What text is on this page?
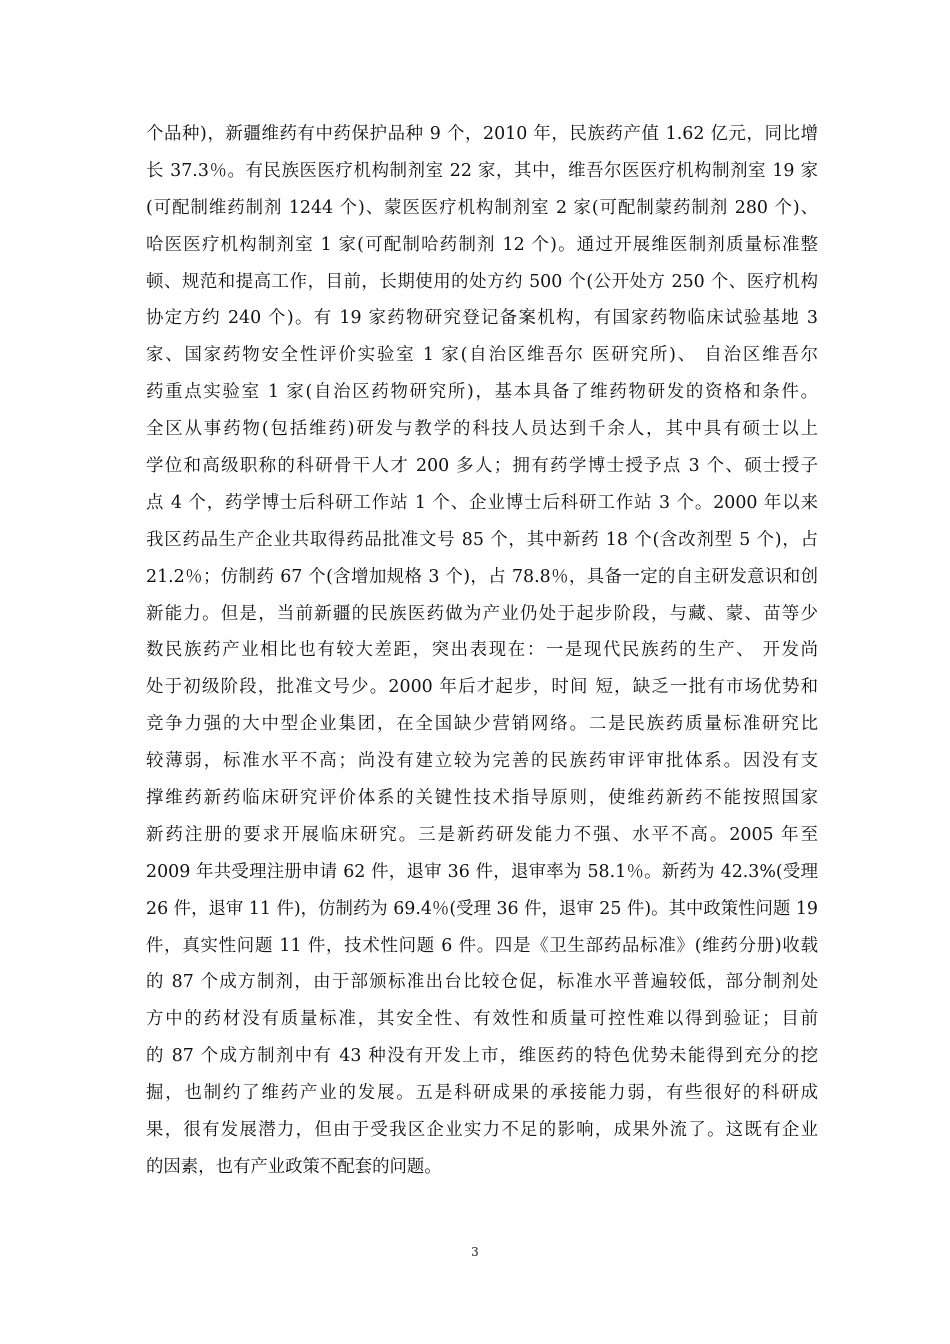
个品种)，新疆维药有中药保护品种 9 个，2010 年，民族药产值 1.62 亿元，同比增
长 37.3％。有民族医医疗机构制剂室 22 家，其中，维吾尔医医疗机构制剂室 19 家
(可配制维药制剂 1244 个)、蒙医医疗机构制剂室 2 家(可配制蒙药制剂 280 个)、
哈医医疗机构制剂室 1 家(可配制哈药制剂 12 个)。通过开展维医制剂质量标准整
顿、规范和提高工作，目前，长期使用的处方约 500 个(公开处方 250 个、医疗机构
协定方约 240 个)。有 19 家药物研究登记备案机构，有国家药物临床试验基地 3
家、国家药物安全性评价实验室 1 家(自治区维吾尔 医研究所)、 自治区维吾尔
药重点实验室 1 家(自治区药物研究所)，基本具备了维药物研发的资格和条件。
全区从事药物(包括维药)研发与教学的科技人员达到千余人，其中具有硕士以上
学位和高级职称的科研骨干人才 200 多人；拥有药学博士授予点 3 个、硕士授子
点 4 个，药学博士后科研工作站 1 个、企业博士后科研工作站 3 个。2000 年以来
我区药品生产企业共取得药品批准文号 85 个，其中新药 18 个(含改剂型 5 个)，占
21.2％；仿制药 67 个(含增加规格 3 个)，占 78.8％，具备一定的自主研发意识和创
新能力。但是，当前新疆的民族医药做为产业仍处于起步阶段，与藏、蒙、苗等少
数民族药产业相比也有较大差距，突出表现在：一是现代民族药的生产、 开发尚
处于初级阶段，批准文号少。2000 年后才起步，时间 短，缺乏一批有市场优势和
竞争力强的大中型企业集团，在全国缺少营销网络。二是民族药质量标准研究比
较薄弱，标准水平不高；尚没有建立较为完善的民族药审评审批体系。因没有支
撑维药新药临床研究评价体系的关键性技术指导原则，使维药新药不能按照国家
新药注册的要求开展临床研究。三是新药研发能力不强、水平不高。2005 年至
2009 年共受理注册申请 62 件，退审 36 件，退审率为 58.1％。新药为 42.3%(受理
26 件，退审 11 件)，仿制药为 69.4％(受理 36 件，退审 25 件)。其中政策性问题 19
件，真实性问题 11 件，技术性问题 6 件。四是《卫生部药品标准》(维药分册)收载
的 87 个成方制剂，由于部颁标准出台比较仓促，标准水平普遍较低，部分制剂处
方中的药材没有质量标准，其安全性、有效性和质量可控性难以得到验证；目前
的 87 个成方制剂中有 43 种没有开发上市，维医药的特色优势未能得到充分的挖
掘，也制约了维药产业的发展。五是科研成果的承接能力弱，有些很好的科研成
果，很有发展潜力，但由于受我区企业实力不足的影响，成果外流了。这既有企业
的因素，也有产业政策不配套的问题。
3
